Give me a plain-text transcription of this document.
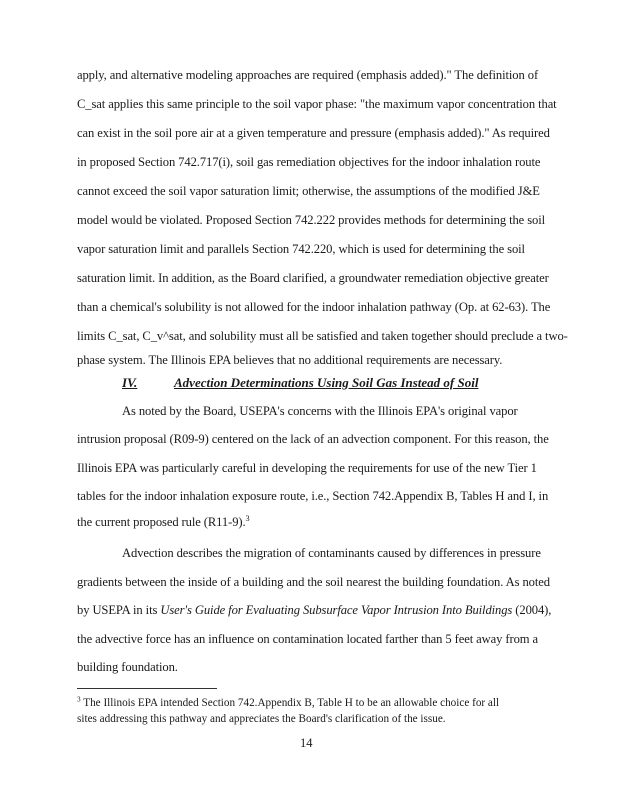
apply, and alternative modeling approaches are required (emphasis added)." The definition of
C_sat applies this same principle to the soil vapor phase: "the maximum vapor concentration that
can exist in the soil pore air at a given temperature and pressure (emphasis added)." As required
in proposed Section 742.717(i), soil gas remediation objectives for the indoor inhalation route
cannot exceed the soil vapor saturation limit; otherwise, the assumptions of the modified J&E
model would be violated. Proposed Section 742.222 provides methods for determining the soil
vapor saturation limit and parallels Section 742.220, which is used for determining the soil
saturation limit. In addition, as the Board clarified, a groundwater remediation objective greater
than a chemical's solubility is not allowed for the indoor inhalation pathway (Op. at 62-63). The
limits C_sat, C_v^sat, and solubility must all be satisfied and taken together should preclude a two-
phase system. The Illinois EPA believes that no additional requirements are necessary.
IV.	Advection Determinations Using Soil Gas Instead of Soil
As noted by the Board, USEPA's concerns with the Illinois EPA's original vapor
intrusion proposal (R09-9) centered on the lack of an advection component. For this reason, the
Illinois EPA was particularly careful in developing the requirements for use of the new Tier 1
tables for the indoor inhalation exposure route, i.e., Section 742.Appendix B, Tables H and I, in
the current proposed rule (R11-9).$^3$
Advection describes the migration of contaminants caused by differences in pressure
gradients between the inside of a building and the soil nearest the building foundation. As noted
by USEPA in its User's Guide for Evaluating Subsurface Vapor Intrusion Into Buildings (2004),
the advective force has an influence on contamination located farther than 5 feet away from a
building foundation.
$^3$ The Illinois EPA intended Section 742.Appendix B, Table H to be an allowable choice for all
sites addressing this pathway and appreciates the Board's clarification of the issue.
14
